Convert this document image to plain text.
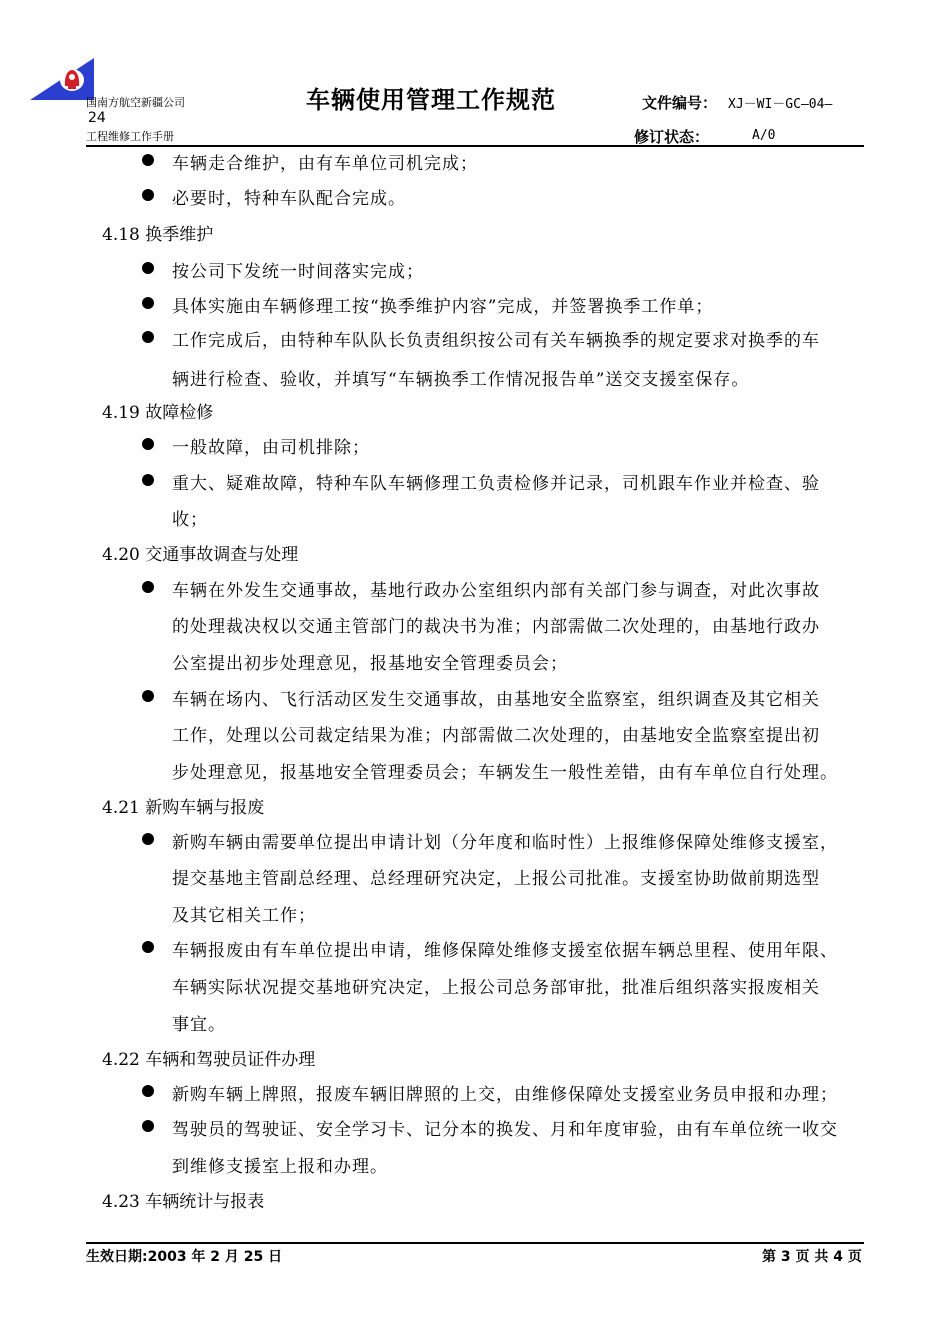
国南方航空新疆公司	车辆使用管理工作规范	文件编号： XJ－WI－GC—04—
24
工程维修工作手册	修订状态：	A/0
车辆走合维护，由有车单位司机完成；
必要时，特种车队配合完成。
4.18 换季维护
按公司下发统一时间落实完成；
具体实施由车辆修理工按“换季维护内容”完成，并签署换季工作单；
工作完成后，由特种车队队长负责组织按公司有关车辆换季的规定要求对换季的车
辆进行检查、验收，并填写“车辆换季工作情况报告单”送交支援室保存。
4.19 故障检修
一般故障，由司机排除；
重大、疑难故障，特种车队车辆修理工负责检修并记录，司机跟车作业并检查、验
收；
4.20 交通事故调查与处理
车辆在外发生交通事故，基地行政办公室组织内部有关部门参与调查，对此次事故
的处理裁决权以交通主管部门的裁决书为准；内部需做二次处理的，由基地行政办
公室提出初步处理意见，报基地安全管理委员会；
车辆在场内、飞行活动区发生交通事故，由基地安全监察室，组织调查及其它相关
工作，处理以公司裁定结果为准；内部需做二次处理的，由基地安全监察室提出初
步处理意见，报基地安全管理委员会；车辆发生一般性差错，由有车单位自行处理。
4.21 新购车辆与报废
新购车辆由需要单位提出申请计划（分年度和临时性）上报维修保障处维修支援室，
提交基地主管副总经理、总经理研究决定，上报公司批准。支援室协助做前期选型
及其它相关工作；
车辆报废由有车单位提出申请，维修保障处维修支援室依据车辆总里程、使用年限、
车辆实际状况提交基地研究决定，上报公司总务部审批，批准后组织落实报废相关
事宜。
4.22 车辆和驾驶员证件办理
新购车辆上牌照，报废车辆旧牌照的上交，由维修保障处支援室业务员申报和办理；
驾驶员的驾驶证、安全学习卡、记分本的换发、月和年度审验，由有车单位统一收交
到维修支援室上报和办理。
4.23 车辆统计与报表
生效日期:2003 年 2 月 25 日	第 3 页 共 4 页
